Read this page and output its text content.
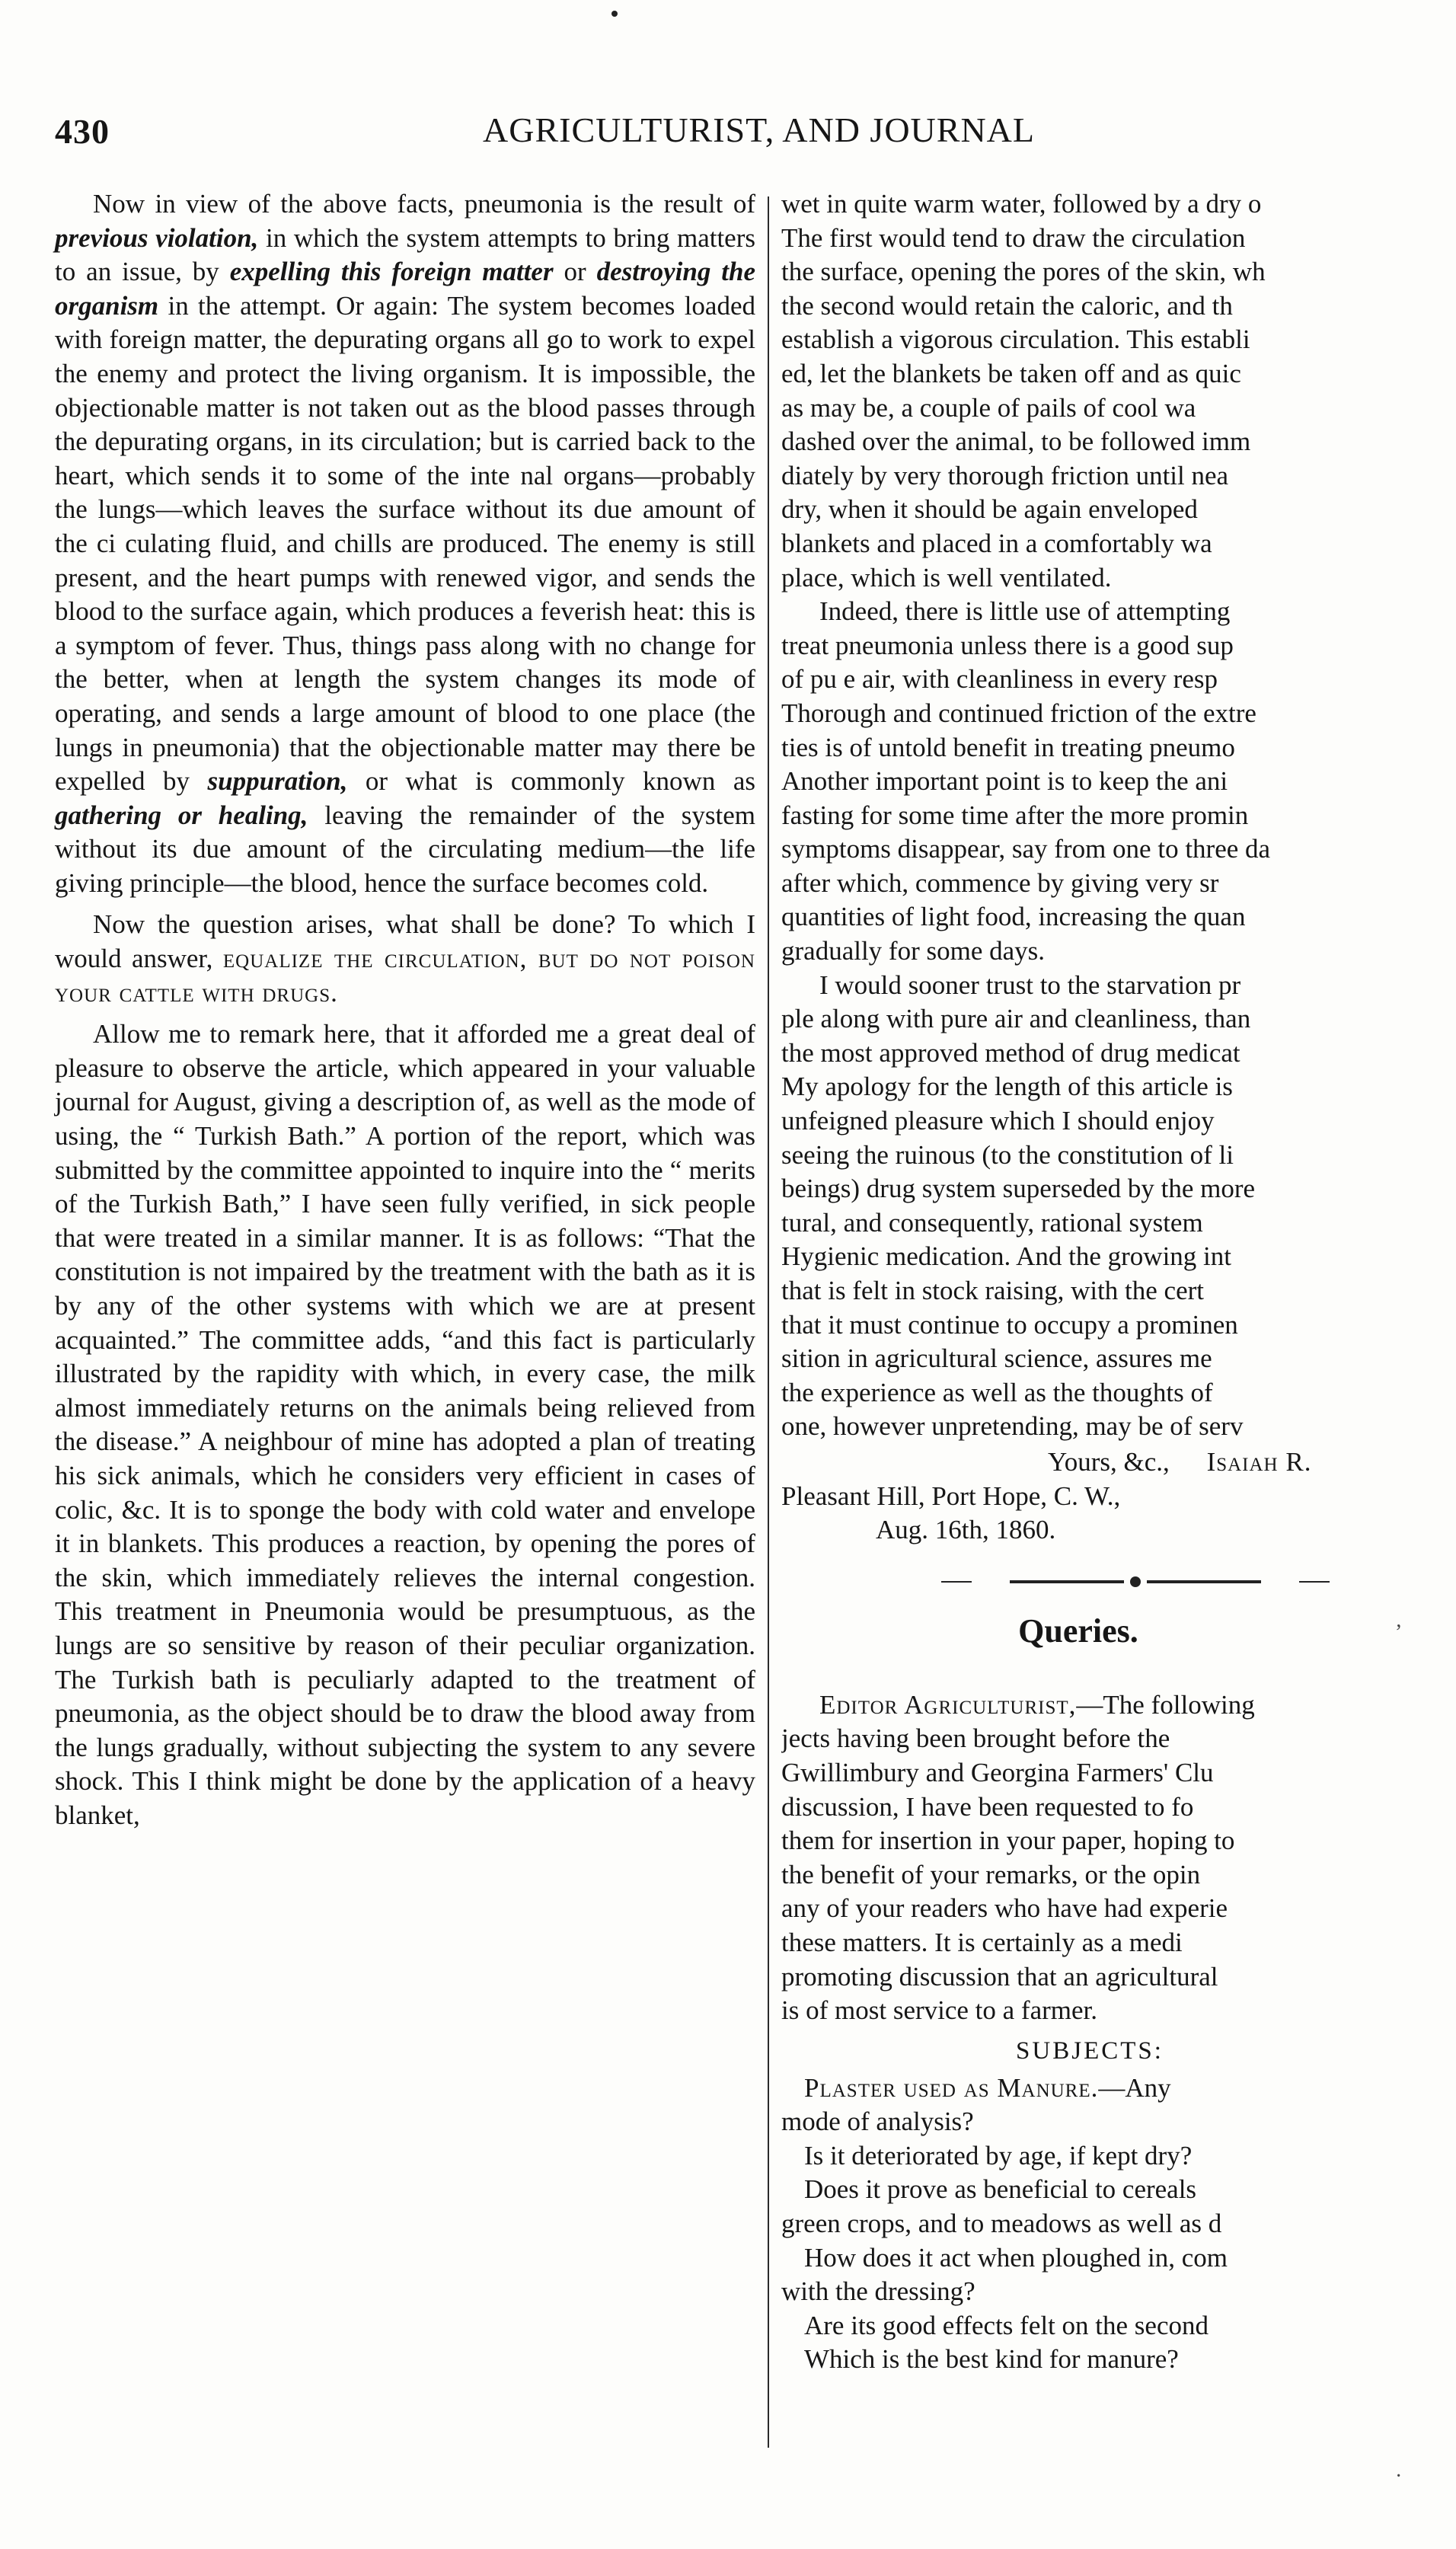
430	AGRICULTURIST, AND JOURNAL

Now in view of the above facts, pneumonia is the result of previous violation, in which the system attempts to bring matters to an issue, by expelling this foreign matter or destroying the organism in the attempt. Or again: The system becomes loaded with foreign matter, the depurating organs all go to work to expel the enemy and protect the living organism. It is impossible, the objectionable matter is not taken out as the blood passes through the depurating organs, in its circulation; but is carried back to the heart, which sends it to some of the inte nal organs—probably the lungs—which leaves the surface without its due amount of the ci culating fluid, and chills are produced. The enemy is still present, and the heart pumps with renewed vigor, and sends the blood to the surface again, which produces a feverish heat: this is a symptom of fever. Thus, things pass along with no change for the better, when at length the system changes its mode of operating, and sends a large amount of blood to one place (the lungs in pneumonia) that the objectionable matter may there be expelled by suppuration, or what is commonly known as gathering or healing, leaving the remainder of the system without its due amount of the circulating medium—the life giving principle—the blood, hence the surface becomes cold.

Now the question arises, what shall be done? To which I would answer, equalize the circulation, but do not poison your cattle with drugs.

Allow me to remark here, that it afforded me a great deal of pleasure to observe the article, which appeared in your valuable journal for August, giving a description of, as well as the mode of using, the “ Turkish Bath.” A portion of the report, which was submitted by the committee appointed to inquire into the “ merits of the Turkish Bath,” I have seen fully verified, in sick people that were treated in a similar manner. It is as follows: “That the constitution is not impaired by the treatment with the bath as it is by any of the other systems with which we are at present acquainted.” The committee adds, “and this fact is particularly illustrated by the rapidity with which, in every case, the milk almost immediately returns on the animals being relieved from the disease.” A neighbour of mine has adopted a plan of treating his sick animals, which he considers very efficient in cases of colic, &c. It is to sponge the body with cold water and envelope it in blankets. This produces a reaction, by opening the pores of the skin, which immediately relieves the internal congestion. This treatment in Pneumonia would be presumptuous, as the lungs are so sensitive by reason of their peculiar organization. The Turkish bath is peculiarly adapted to the treatment of pneumonia, as the object should be to draw the blood away from the lungs gradually, without subjecting the system to any severe shock. This I think might be done by the application of a heavy blanket,

wet in quite warm water, followed by a dry o
The first would tend to draw the circulation
the surface, opening the pores of the skin, wh
the second would retain the caloric, and th
establish a vigorous circulation. This establi
ed, let the blankets be taken off and as quic
as may be, a couple of pails of cool wa
dashed over the animal, to be followed imm
diately by very thorough friction until nea
dry, when it should be again enveloped
blankets and placed in a comfortably wa
place, which is well ventilated.
Indeed, there is little use of attempting
treat pneumonia unless there is a good sup
of pu e air, with cleanliness in every resp
Thorough and continued friction of the extre
ties is of untold benefit in treating pneumo
Another important point is to keep the ani
fasting for some time after the more promin
symptoms disappear, say from one to three da
after which, commence by giving very sr
quantities of light food, increasing the quan
gradually for some days.
I would sooner trust to the starvation pr
ple along with pure air and cleanliness, than
the most approved method of drug medicat
My apology for the length of this article is
unfeigned pleasure which I should enjoy
seeing the ruinous (to the constitution of li
beings) drug system superseded by the more
tural, and consequently, rational system
Hygienic medication. And the growing int
that is felt in stock raising, with the cert
that it must continue to occupy a prominen
sition in agricultural science, assures me
the experience as well as the thoughts of
one, however unpretending, may be of serv

Yours, &c., Isaiah R.

Pleasant Hill, Port Hope, C. W.,

Aug. 16th, 1860.

Queries.
Editor Agriculturist,—The following
jects having been brought before the
Gwillimbury and Georgina Farmers' Clu
discussion, I have been requested to fo
them for insertion in your paper, hoping to
the benefit of your remarks, or the opin
any of your readers who have had experie
these matters. It is certainly as a medi
promoting discussion that an agricultural
is of most service to a farmer.
SUBJECTS:
Plaster used as Manure.—Any
mode of analysis?
Is it deteriorated by age, if kept dry?
Does it prove as beneficial to cereals
green crops, and to meadows as well as d
How does it act when ploughed in, com
with the dressing?
Are its good effects felt on the second
Which is the best kind for manure?
‚
·
